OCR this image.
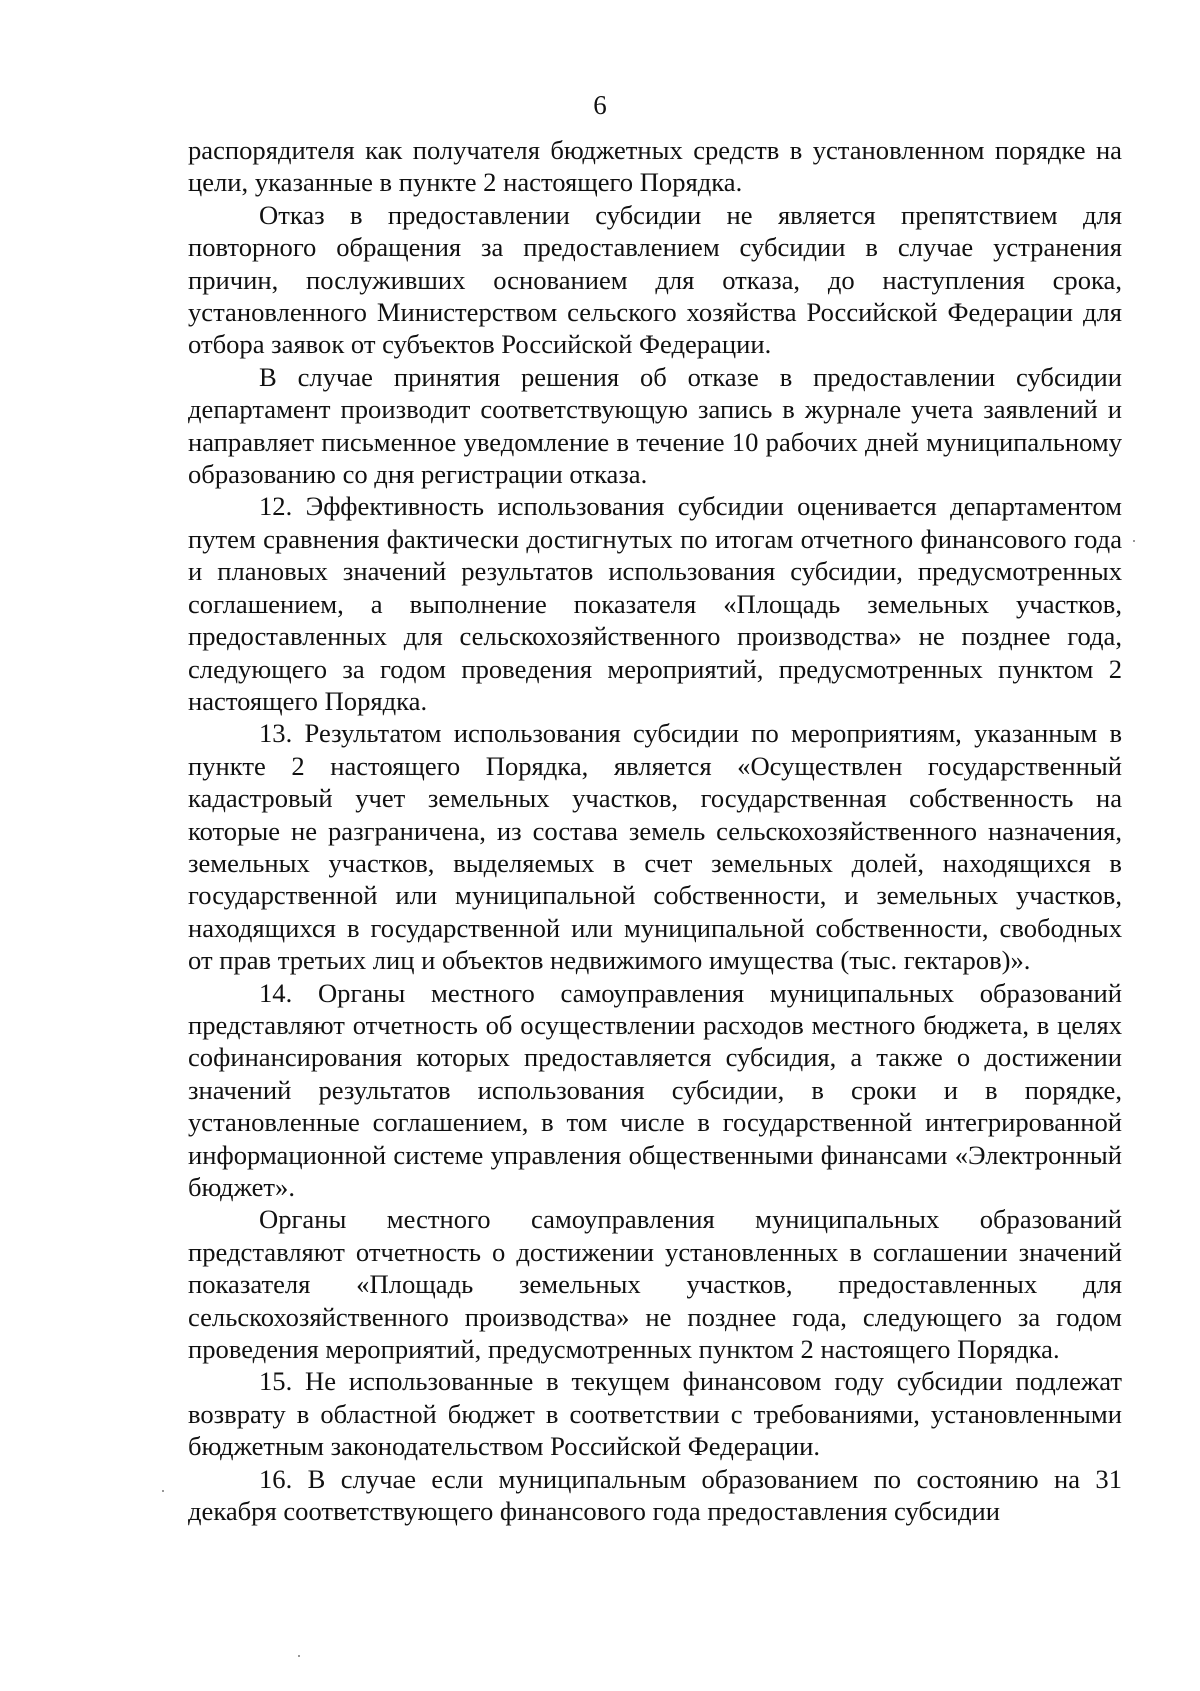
6

распорядителя как получателя бюджетных средств в установленном порядке на цели, указанные в пункте 2 настоящего Порядка.

Отказ в предоставлении субсидии не является препятствием для повторного обращения за предоставлением субсидии в случае устранения причин, послуживших основанием для отказа, до наступления срока, установленного Министерством сельского хозяйства Российской Федерации для отбора заявок от субъектов Российской Федерации.

В случае принятия решения об отказе в предоставлении субсидии департамент производит соответствующую запись в журнале учета заявлений и направляет письменное уведомление в течение 10 рабочих дней муниципальному образованию со дня регистрации отказа.

12. Эффективность использования субсидии оценивается департаментом путем сравнения фактически достигнутых по итогам отчетного финансового года и плановых значений результатов использования субсидии, предусмотренных соглашением, а выполнение показателя «Площадь земельных участков, предоставленных для сельскохозяйственного производства» не позднее года, следующего за годом проведения мероприятий, предусмотренных пунктом 2 настоящего Порядка.

13. Результатом использования субсидии по мероприятиям, указанным в пункте 2 настоящего Порядка, является «Осуществлен государственный кадастровый учет земельных участков, государственная собственность на которые не разграничена, из состава земель сельскохозяйственного назначения, земельных участков, выделяемых в счет земельных долей, находящихся в государственной или муниципальной собственности, и земельных участков, находящихся в государственной или муниципальной собственности, свободных от прав третьих лиц и объектов недвижимого имущества (тыс. гектаров)».

14. Органы местного самоуправления муниципальных образований представляют отчетность об осуществлении расходов местного бюджета, в целях софинансирования которых предоставляется субсидия, а также о достижении значений результатов использования субсидии, в сроки и в порядке, установленные соглашением, в том числе в государственной интегрированной информационной системе управления общественными финансами «Электронный бюджет».

Органы местного самоуправления муниципальных образований представляют отчетность о достижении установленных в соглашении значений показателя «Площадь земельных участков, предоставленных для сельскохозяйственного производства» не позднее года, следующего за годом проведения мероприятий, предусмотренных пунктом 2 настоящего Порядка.

15. Не использованные в текущем финансовом году субсидии подлежат возврату в областной бюджет в соответствии с требованиями, установленными бюджетным законодательством Российской Федерации.

16. В случае если муниципальным образованием по состоянию на 31 декабря соответствующего финансового года предоставления субсидии
